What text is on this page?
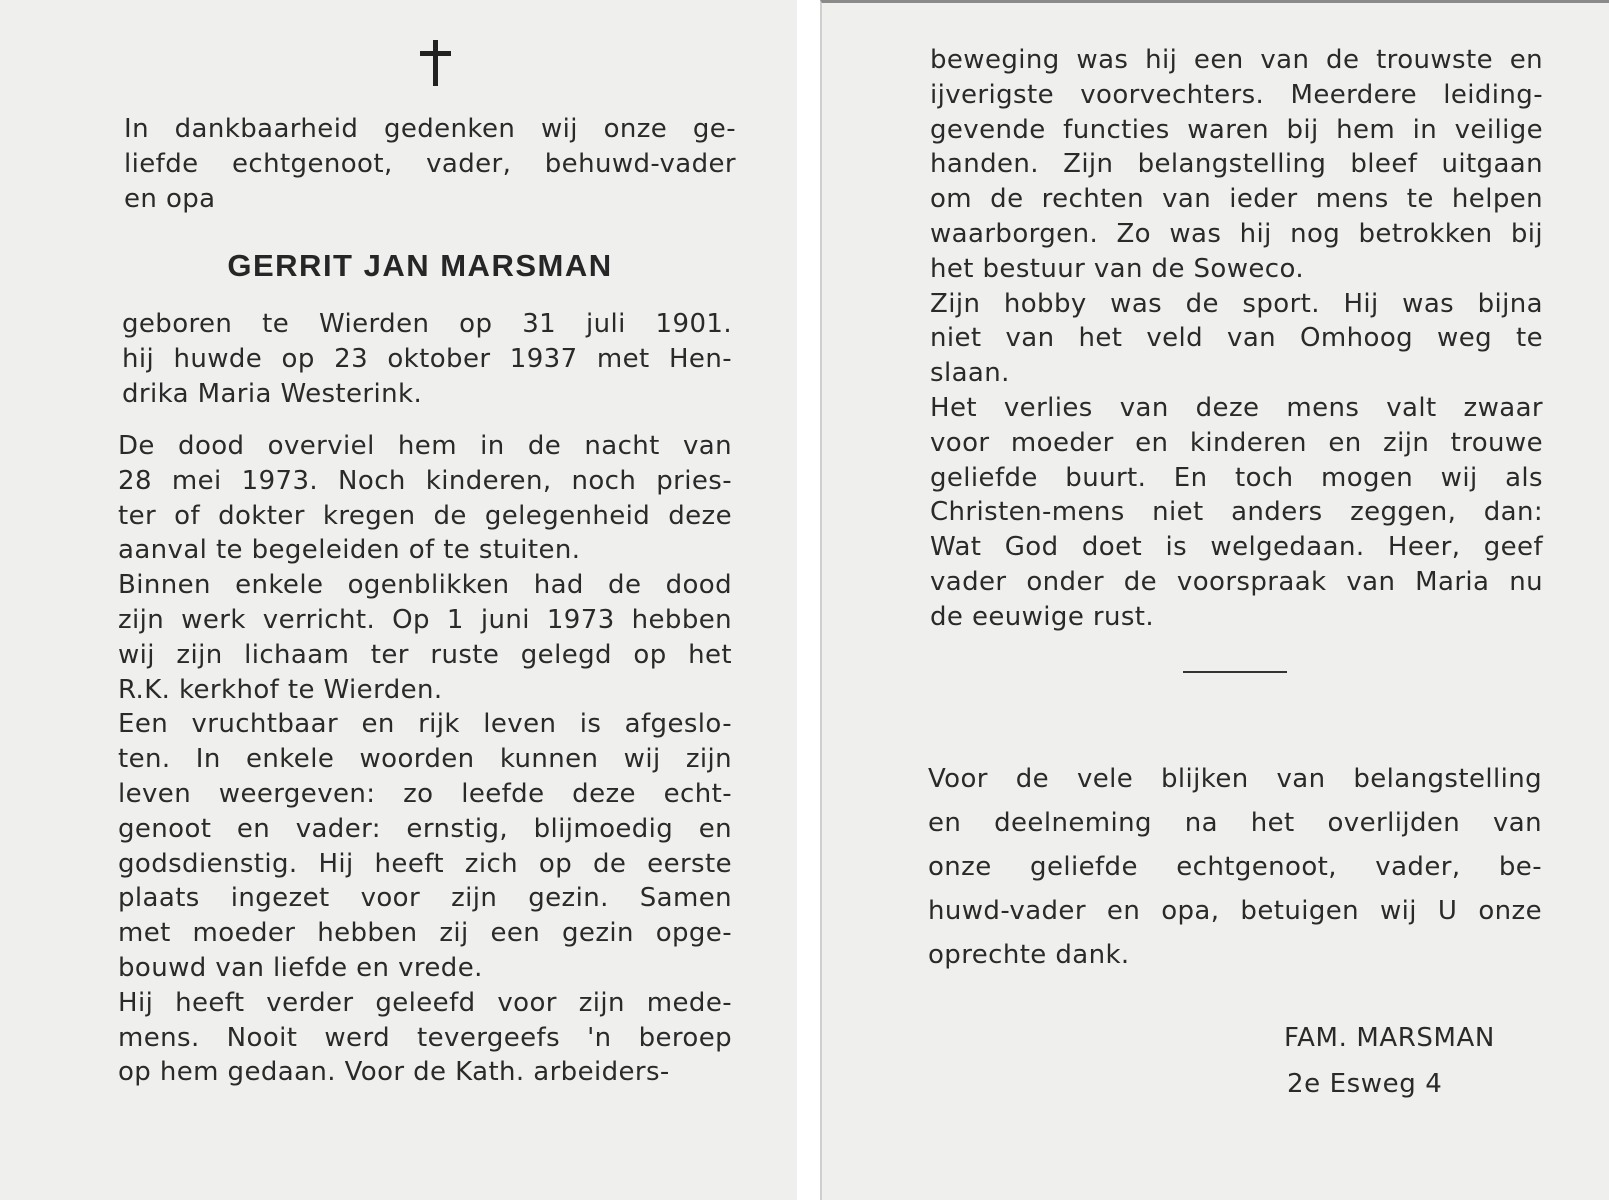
In dankbaarheid gedenken wij onze ge-
liefde echtgenoot, vader, behuwd-vader
en opa
GERRIT JAN MARSMAN
geboren te Wierden op 31 juli 1901.
hij huwde op 23 oktober 1937 met Hen-
drika Maria Westerink.
De dood overviel hem in de nacht van
28 mei 1973. Noch kinderen, noch pries-
ter of dokter kregen de gelegenheid deze
aanval te begeleiden of te stuiten.
Binnen enkele ogenblikken had de dood
zijn werk verricht. Op 1 juni 1973 hebben
wij zijn lichaam ter ruste gelegd op het
R.K. kerkhof te Wierden.
Een vruchtbaar en rijk leven is afgeslo-
ten. In enkele woorden kunnen wij zijn
leven weergeven: zo leefde deze echt-
genoot en vader: ernstig, blijmoedig en
godsdienstig. Hij heeft zich op de eerste
plaats ingezet voor zijn gezin. Samen
met moeder hebben zij een gezin opge-
bouwd van liefde en vrede.
Hij heeft verder geleefd voor zijn mede-
mens. Nooit werd tevergeefs 'n beroep
op hem gedaan. Voor de Kath. arbeiders-
beweging was hij een van de trouwste en
ijverigste voorvechters. Meerdere leiding-
gevende functies waren bij hem in veilige
handen. Zijn belangstelling bleef uitgaan
om de rechten van ieder mens te helpen
waarborgen. Zo was hij nog betrokken bij
het bestuur van de Soweco.
Zijn hobby was de sport. Hij was bijna
niet van het veld van Omhoog weg te
slaan.
Het verlies van deze mens valt zwaar
voor moeder en kinderen en zijn trouwe
geliefde buurt. En toch mogen wij als
Christen-mens niet anders zeggen, dan:
Wat God doet is welgedaan. Heer, geef
vader onder de voorspraak van Maria nu
de eeuwige rust.
Voor de vele blijken van belangstelling
en deelneming na het overlijden van
onze geliefde echtgenoot, vader, be-
huwd-vader en opa, betuigen wij U onze
oprechte dank.
FAM. MARSMAN
2e Esweg 4
